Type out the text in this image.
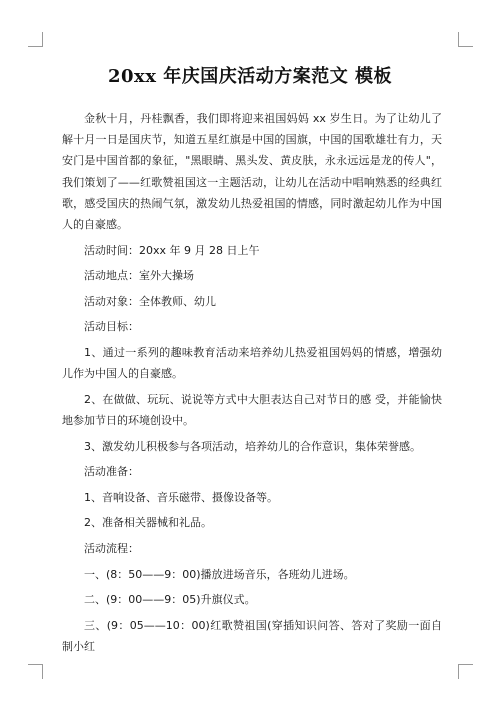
20xx 年庆国庆活动方案范文 模板

金秋十月，丹桂飘香，我们即将迎来祖国妈妈 xx 岁生日。为了让幼儿了解十月一日是国庆节，知道五星红旗是中国的国旗，中国的国歌雄壮有力，天安门是中国首都的象征，"黑眼睛、黑头发、黄皮肤，永永远远是龙的传人"，我们策划了——红歌赞祖国这一主题活动，让幼儿在活动中唱响熟悉的经典红歌，感受国庆的热闹气氛，激发幼儿热爱祖国的情感，同时激起幼儿作为中国人的自豪感。

活动时间：20xx 年 9 月 28 日上午

活动地点：室外大操场

活动对象：全体教师、幼儿

活动目标：

1、通过一系列的趣味教育活动来培养幼儿热爱祖国妈妈的情感，增强幼儿作为中国人的自豪感。

2、在做做、玩玩、说说等方式中大胆表达自己对节日的感 受，并能愉快地参加节日的环境创设中。

3、激发幼儿积极参与各项活动，培养幼儿的合作意识，集体荣誉感。

活动准备：

1、音响设备、音乐磁带、摄像设备等。

2、准备相关器械和礼品。

活动流程：

一、(8：50——9：00)播放进场音乐，各班幼儿进场。

二、(9：00——9：05)升旗仪式。

三、(9：05——10：00)红歌赞祖国(穿插知识问答、答对了奖励一面自制小红
